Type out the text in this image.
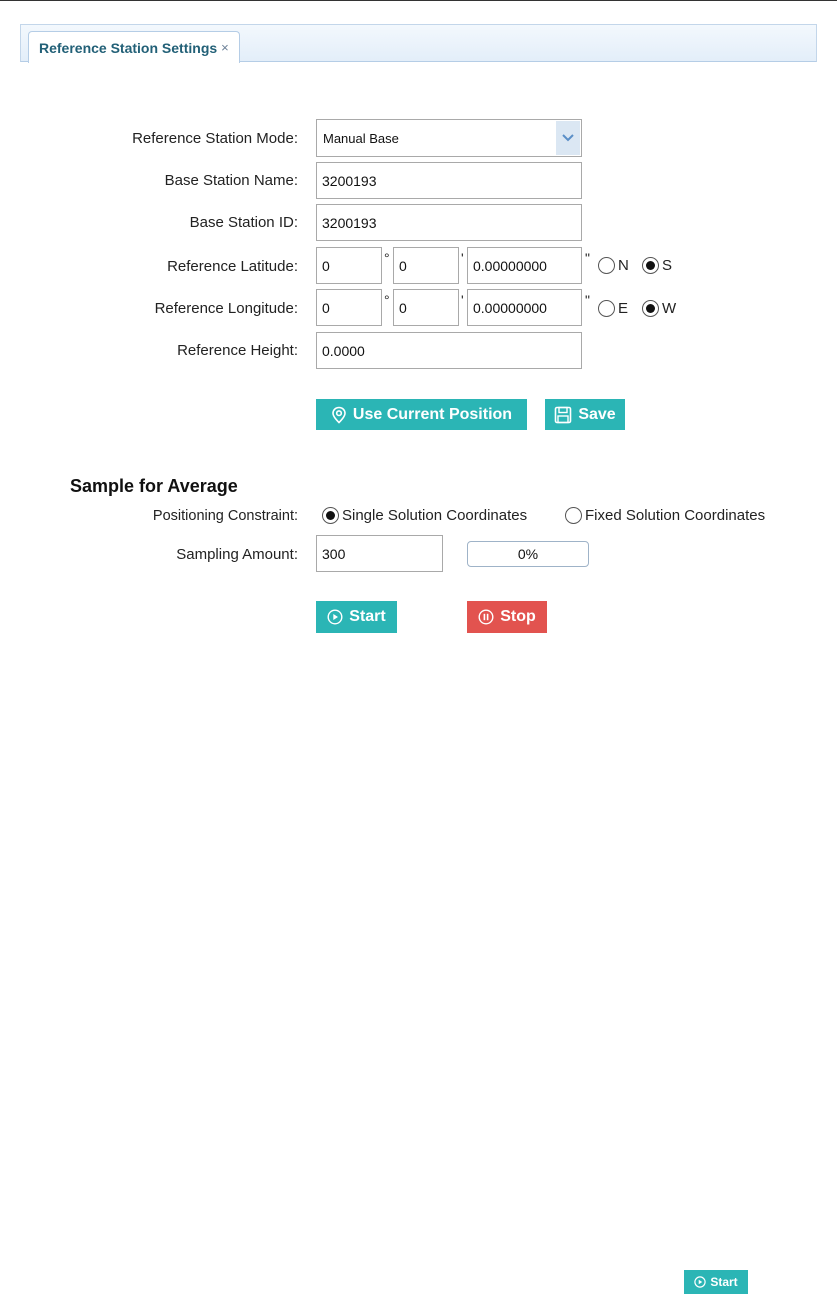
Reference Station Settings ×
Reference Station Mode: Manual Base
Base Station Name:
3200193
Base Station ID:
3200193
Reference Latitude:
0	°
0	'
0.00000000	" N S
Reference Longitude:
0	°
0	'
0.00000000	" E W
Reference Height:
0.0000
Use Current Position	Save
Sample for Average
Positioning Constraint:	Single Solution Coordinates	Fixed Solution Coordinates
Sampling Amount:
300	0%
Start	Stop
Start
